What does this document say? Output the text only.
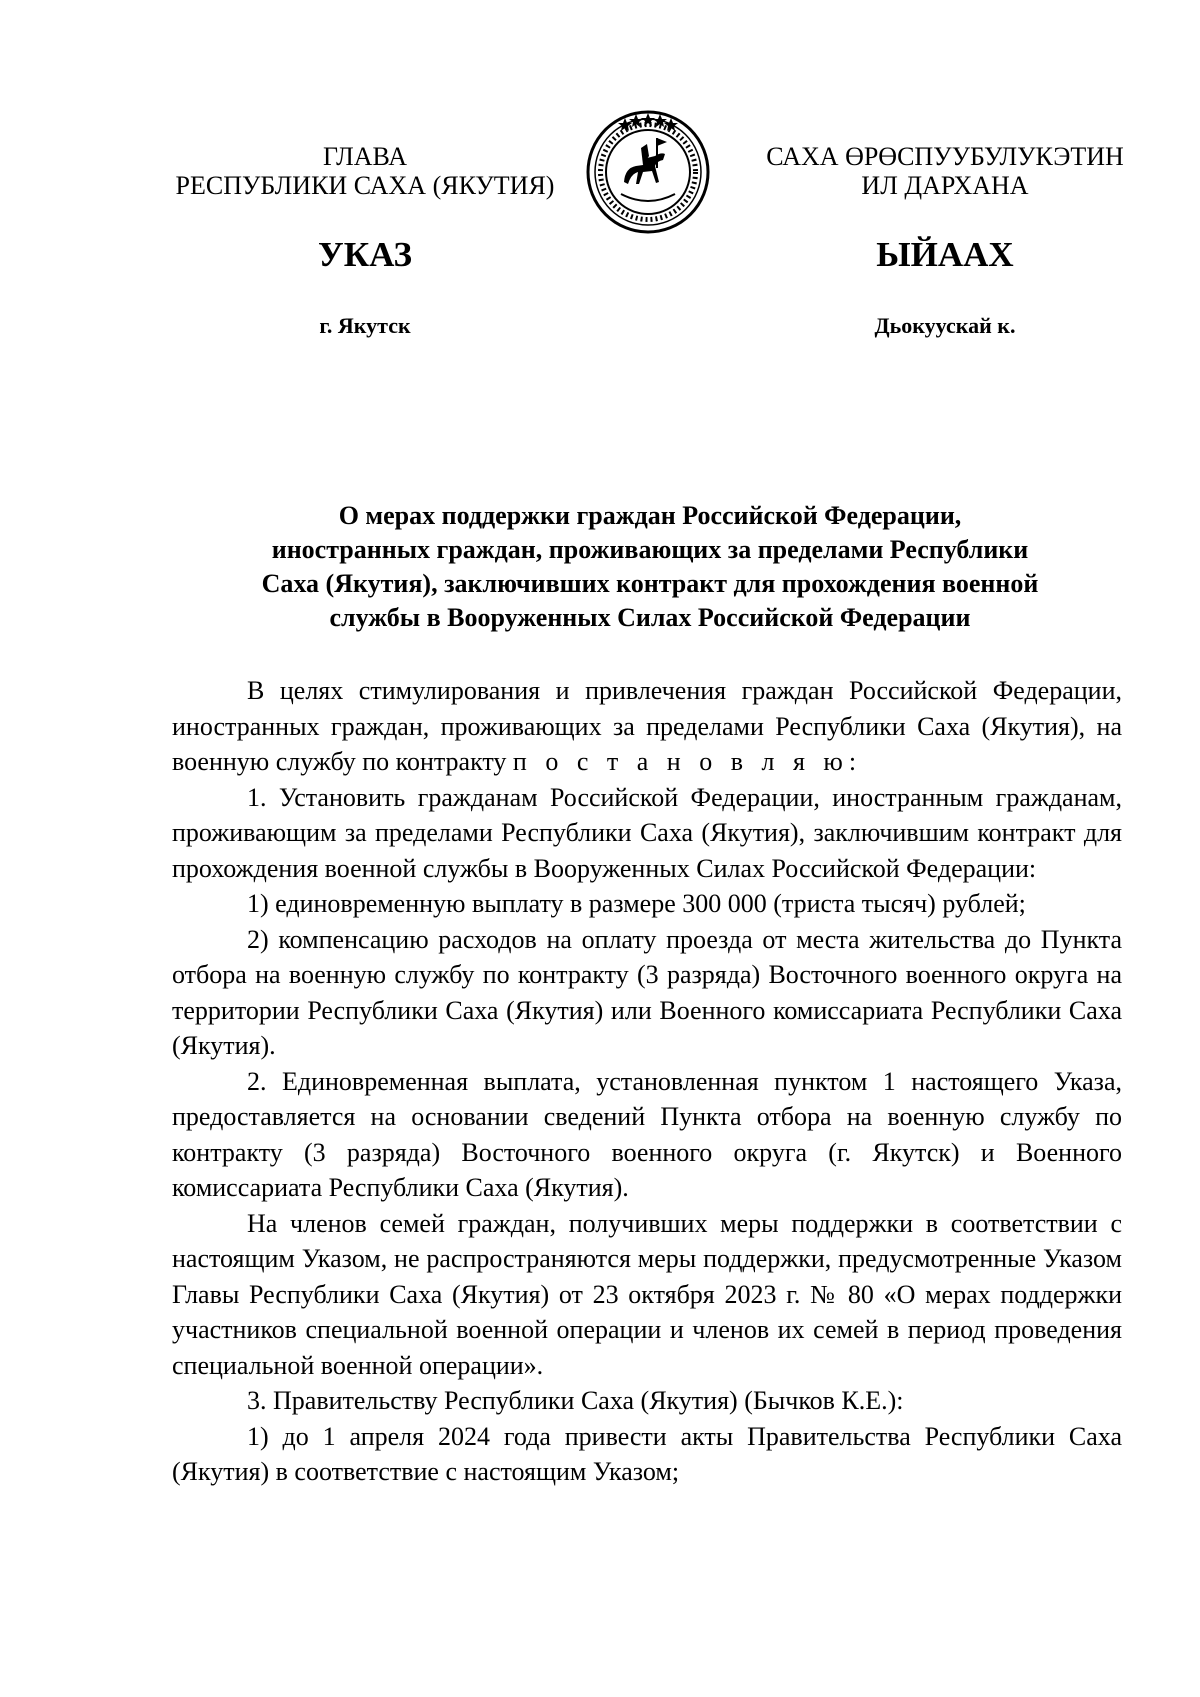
ГЛАВА
РЕСПУБЛИКИ САХА (ЯКУТИЯ)
САХА ӨРӨСПУУБУЛУКЭТИН
ИЛ ДАРХАНА
УКАЗ	ЫЙААХ
г. Якутск	Дьокуускай к.
О мерах поддержки граждан Российской Федерации,
иностранных граждан, проживающих за пределами Республики
Саха (Якутия), заключивших контракт для прохождения военной
службы в Вооруженных Силах Российской Федерации

В целях стимулирования и привлечения граждан Российской Федерации, иностранных граждан, проживающих за пределами Республики Саха (Якутия), на военную службу по контракту п о с т а н о в л я ю:

1. Установить гражданам Российской Федерации, иностранным гражданам, проживающим за пределами Республики Саха (Якутия), заключившим контракт для прохождения военной службы в Вооруженных Силах Российской Федерации:

1) единовременную выплату в размере 300 000 (триста тысяч) рублей;

2) компенсацию расходов на оплату проезда от места жительства до Пункта отбора на военную службу по контракту (3 разряда) Восточного военного округа на территории Республики Саха (Якутия) или Военного комиссариата Республики Саха (Якутия).

2. Единовременная выплата, установленная пунктом 1 настоящего Указа, предоставляется на основании сведений Пункта отбора на военную службу по контракту (3 разряда) Восточного военного округа (г. Якутск) и Военного комиссариата Республики Саха (Якутия).

На членов семей граждан, получивших меры поддержки в соответствии с настоящим Указом, не распространяются меры поддержки, предусмотренные Указом Главы Республики Саха (Якутия) от 23 октября 2023 г. № 80 «О мерах поддержки участников специальной военной операции и членов их семей в период проведения специальной военной операции».

3. Правительству Республики Саха (Якутия) (Бычков К.Е.):

1) до 1 апреля 2024 года привести акты Правительства Республики Саха (Якутия) в соответствие с настоящим Указом;
